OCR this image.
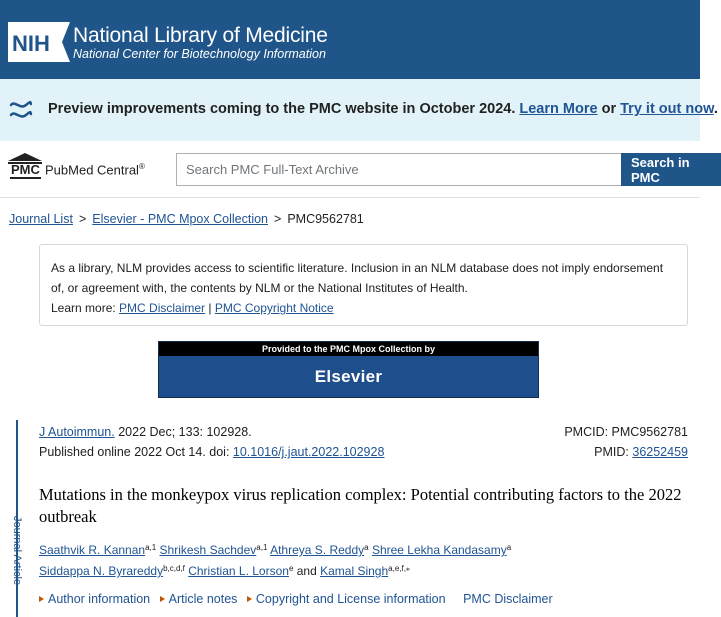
NIH National Library of Medicine
National Center for Biotechnology Information
Preview improvements coming to the PMC website in October 2024. Learn More or Try it out now.
PMC PubMed Central®
Search PMC Full-Text Archive	Search in PMC
Journal List > Elsevier - PMC Mpox Collection > PMC9562781
As a library, NLM provides access to scientific literature. Inclusion in an NLM database does not imply endorsement of, or agreement with, the contents by NLM or the National Institutes of Health.
Learn more: PMC Disclaimer | PMC Copyright Notice
Provided to the PMC Mpox Collection by
Elsevier
Journal Article
J Autoimmun. 2022 Dec; 133: 102928.
Published online 2022 Oct 14. doi: 10.1016/j.jaut.2022.102928
PMCID: PMC9562781
PMID: 36252459
Mutations in the monkeypox virus replication complex: Potential contributing factors to the 2022 outbreak
Saathvik R. Kannan$^{a,1}$ Shrikesh Sachdev$^{a,1}$ Athreya S. Reddy$^a$ Shree Lekha Kandasamy$^a$
Siddappa N. Byrareddy$^{b,c,d,f}$ Christian L. Lorson$^e$ and Kamal Singh$^{a,e,f,⁎}$
Author information Article notes Copyright and License information PMC Disclaimer
